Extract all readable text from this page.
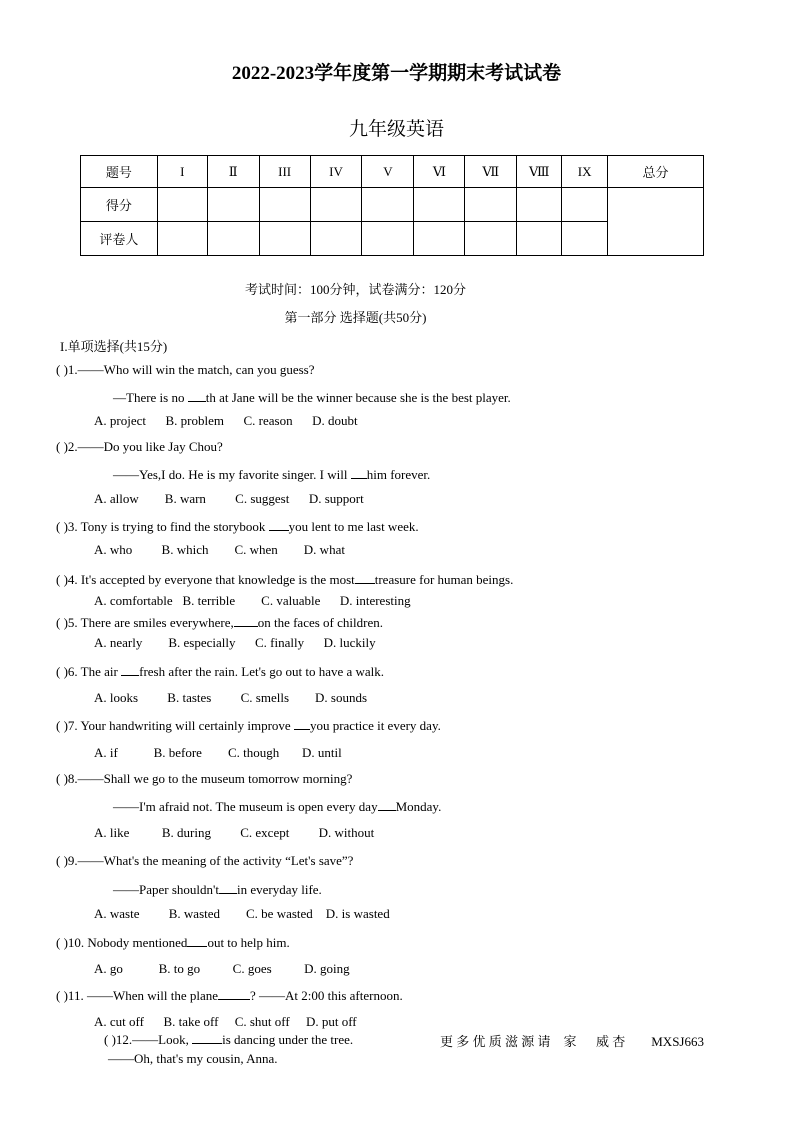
2022-2023学年度第一学期期末考试试卷
九年级英语
题号	I	Ⅱ	III	IV	V	Ⅵ	Ⅶ	Ⅷ	IX	总分
得分										
评卷人										
考试时间：100分钟，试卷满分：120分
第一部分 选择题(共50分)
I.单项选择(共15分)
( )1.——Who will win the match, can you guess?
—There is no th at Jane will be the winner because she is the best player.
A. project      B. problem      C. reason      D. doubt
( )2.——Do you like Jay Chou?
——Yes,I do. He is my favorite singer. I will him forever.
A. allow        B. warn         C. suggest      D. support
( )3. Tony is trying to find the storybook you lent to me last week.
A. who         B. which        C. when        D. what
( )4. It's accepted by everyone that knowledge is the most treasure for human beings.
A. comfortable   B. terrible        C. valuable      D. interesting
( )5. There are smiles everywhere, on the faces of children.
A. nearly        B. especially      C. finally      D. luckily
( )6. The air fresh after the rain. Let's go out to have a walk.
A. looks         B. tastes         C. smells        D. sounds
( )7. Your handwriting will certainly improve you practice it every day.
A. if           B. before        C. though       D. until
( )8.——Shall we go to the museum tomorrow morning?
——I'm afraid not. The museum is open every day Monday.
A. like          B. during         C. except         D. without
( )9.——What's the meaning of the activity “Let's save”?
——Paper shouldn't in everyday life.
A. waste         B. wasted        C. be wasted    D. is wasted
( )10. Nobody mentioned out to help him.
A. go           B. to go          C. goes          D. going
( )11. ——When will the plane ? ——At 2:00 this afternoon.
A. cut off      B. take off     C. shut off     D. put off
( )12.——Look, is dancing under the tree.	更 多 优 质 滋 源 请    家      威 杏        MXSJ663
——Oh, that's my cousin, Anna.
